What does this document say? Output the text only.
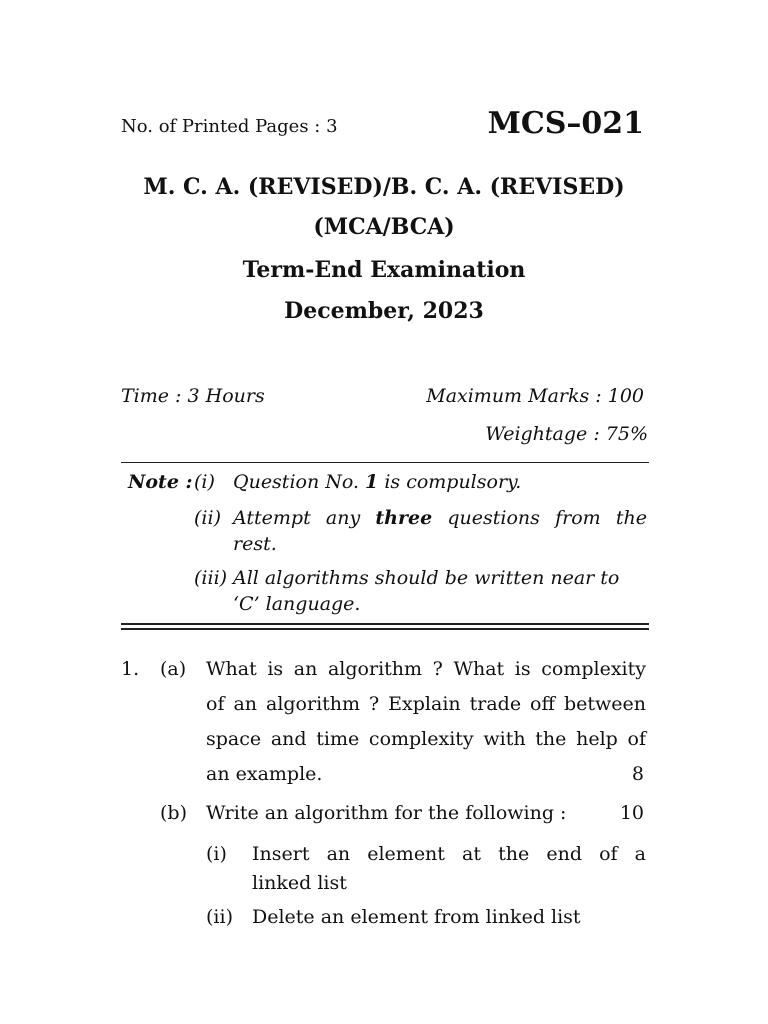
No. of Printed Pages : 3	MCS–021
M. C. A. (REVISED)/B. C. A. (REVISED)
(MCA/BCA)
Term-End Examination
December, 2023
Time : 3 Hours	Maximum Marks : 100
Weightage : 75%
Note : (i) Question No. 1 is compulsory.
(ii) Attempt any three questions from the
rest.
(iii) All algorithms should be written near to
‘C’ language.
1. (a) What is an algorithm ? What is complexity
of an algorithm ? Explain trade off between
space and time complexity with the help of
an example.	8
(b) Write an algorithm for the following :	10
(i) Insert an element at the end of a
linked list
(ii) Delete an element from linked list
